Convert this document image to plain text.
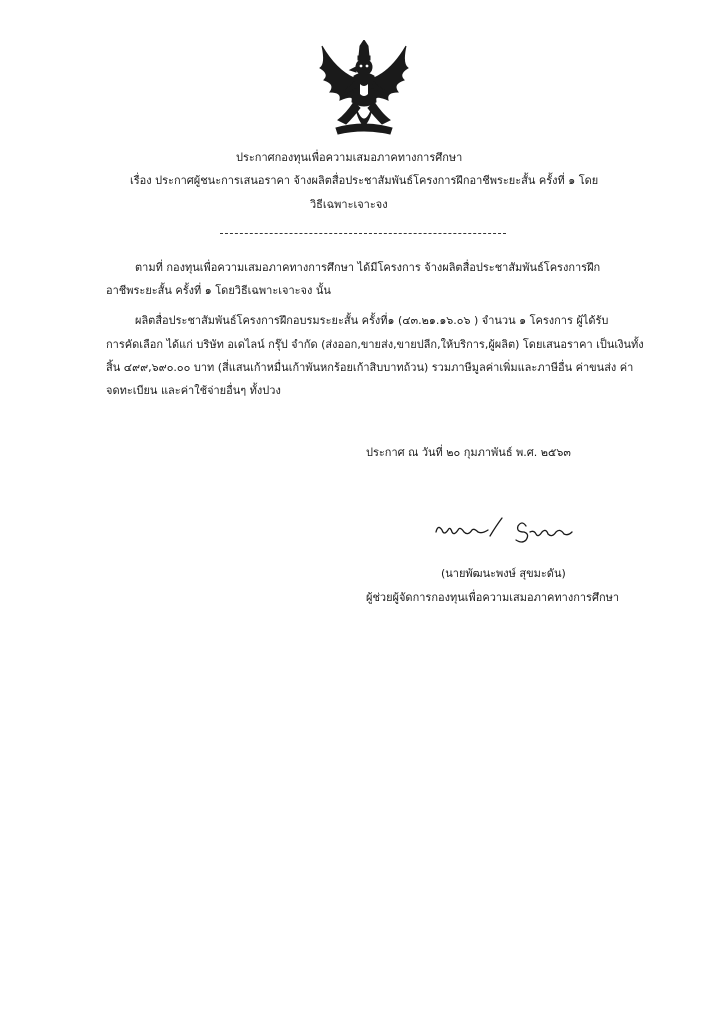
ประกาศกองทุนเพื่อความเสมอภาคทางการศึกษา
เรื่อง ประกาศผู้ชนะการเสนอราคา จ้างผลิตสื่อประชาสัมพันธ์โครงการฝึกอาชีพระยะสั้น ครั้งที่ ๑ โดย
วิธีเฉพาะเจาะจง
ตามที่ กองทุนเพื่อความเสมอภาคทางการศึกษา ได้มีโครงการ จ้างผลิตสื่อประชาสัมพันธ์โครงการฝึก
อาชีพระยะสั้น ครั้งที่ ๑ โดยวิธีเฉพาะเจาะจง นั้น
ผลิตสื่อประชาสัมพันธ์โครงการฝึกอบรมระยะสั้น ครั้งที่๑ (๔๓.๒๑.๑๖.๐๖ ) จำนวน ๑ โครงการ ผู้ได้รับ
การคัดเลือก ได้แก่ บริษัท อเดไลน์ กรุ๊ป จำกัด (ส่งออก,ขายส่ง,ขายปลีก,ให้บริการ,ผู้ผลิต) โดยเสนอราคา เป็นเงินทั้ง
สิ้น ๔๙๙,๖๙๐.๐๐ บาท (สี่แสนเก้าหมื่นเก้าพันหกร้อยเก้าสิบบาทถ้วน) รวมภาษีมูลค่าเพิ่มและภาษีอื่น ค่าขนส่ง ค่า
จดทะเบียน และค่าใช้จ่ายอื่นๆ ทั้งปวง
ประกาศ ณ วันที่ ๒๐ กุมภาพันธ์ พ.ศ. ๒๕๖๓
(นายพัฒนะพงษ์ สุขมะดัน)
ผู้ช่วยผู้จัดการกองทุนเพื่อความเสมอภาคทางการศึกษา
